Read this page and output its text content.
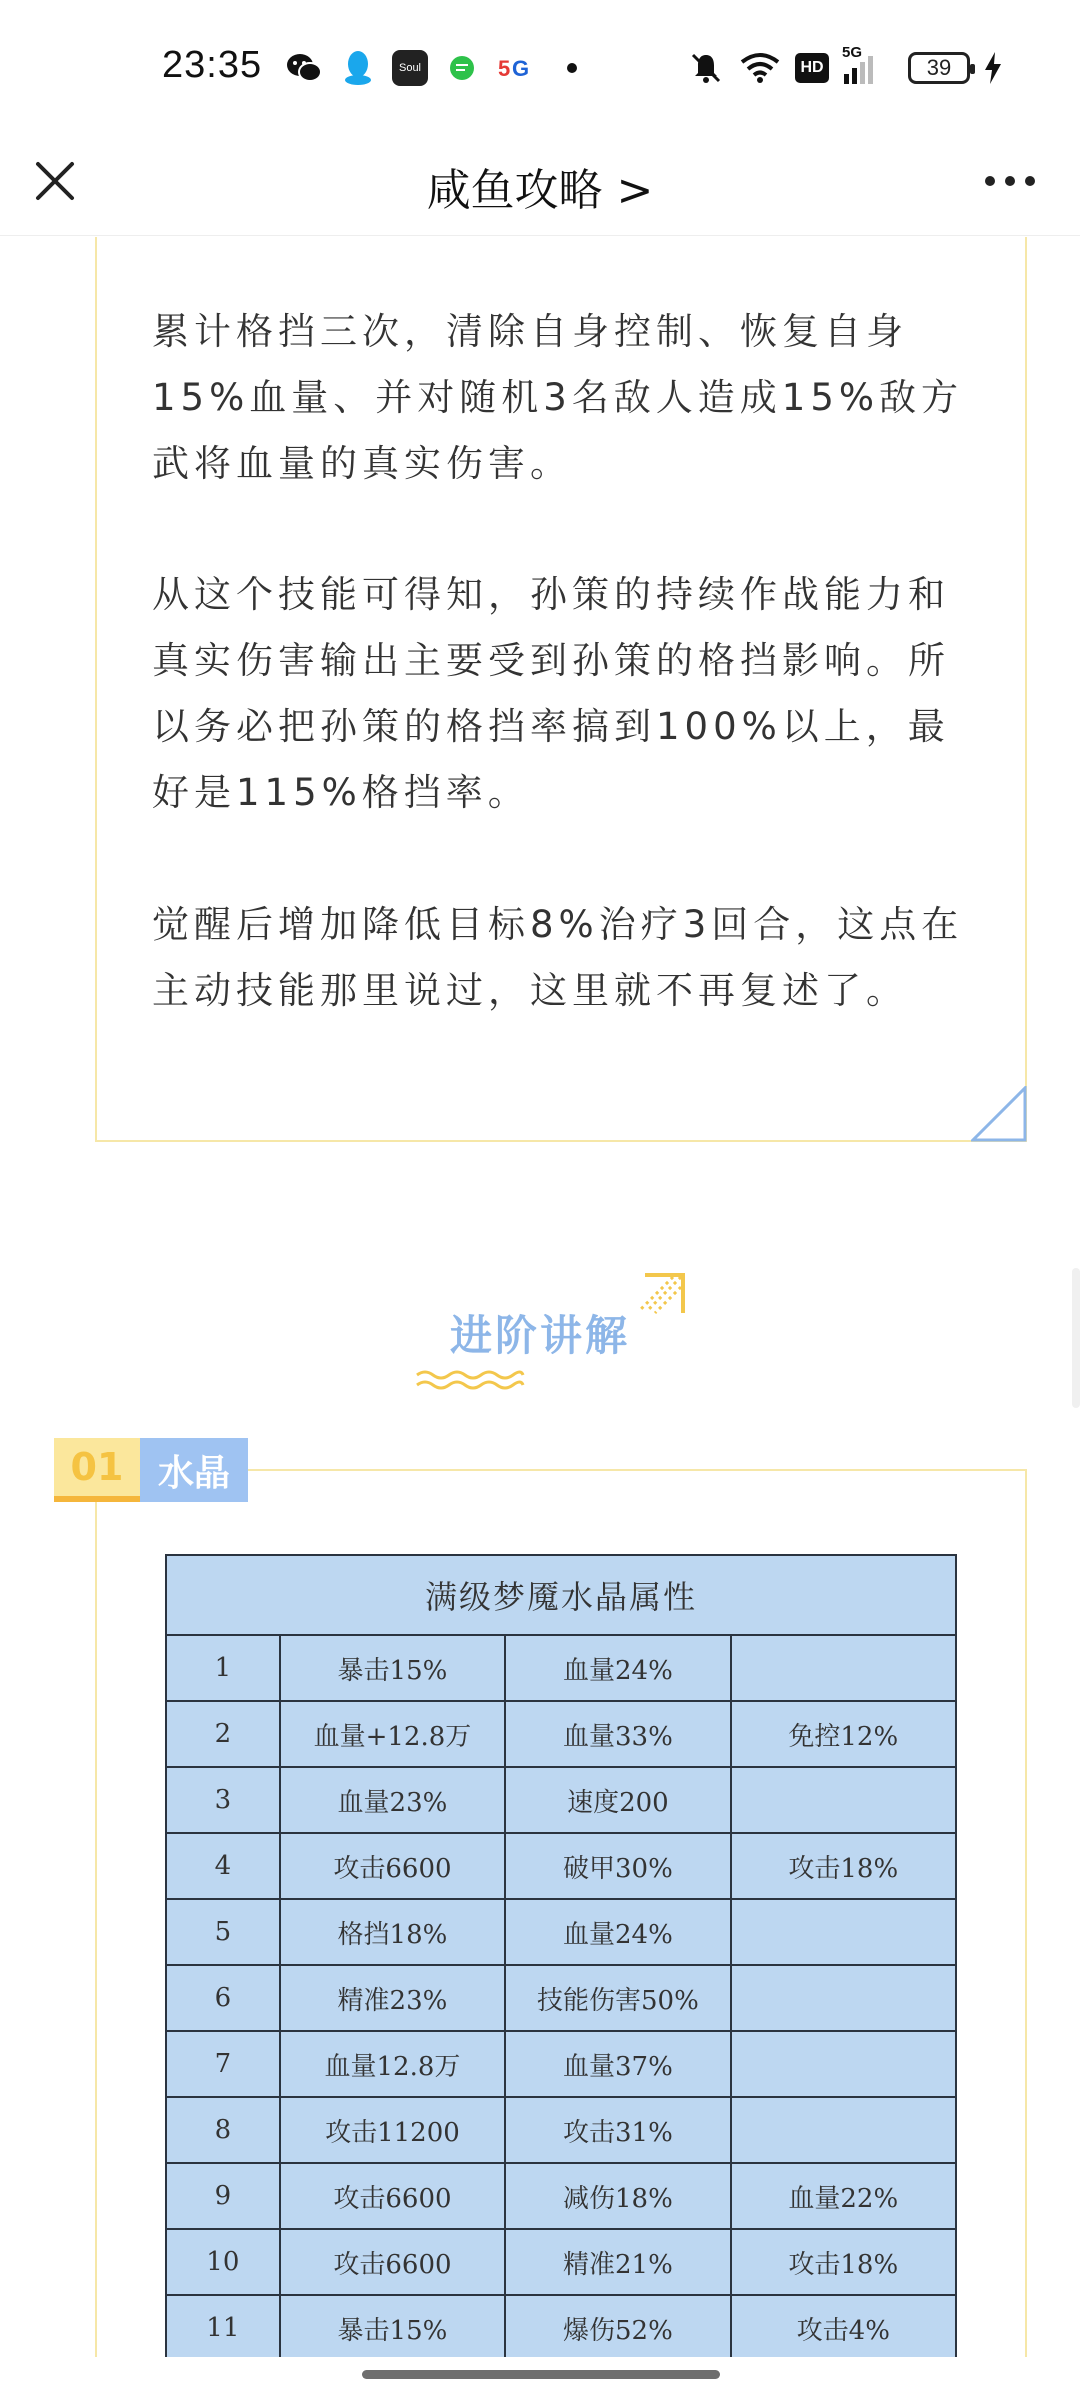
23:35	Soul	5 G	HD
5G
39
咸鱼攻略 >
累计格挡三次，清除自身控制、恢复自身15%血量、并对随机3名敌人造成15%敌方武将血量的真实伤害。
从这个技能可得知，孙策的持续作战能力和真实伤害输出主要受到孙策的格挡影响。所以务必把孙策的格挡率搞到100%以上，最好是115%格挡率。
觉醒后增加降低目标8%治疗3回合，这点在主动技能那里说过，这里就不再复述了。
进阶讲解
01 水晶
满级梦魇水晶属性			
1	暴击15%	血量24%	
2	血量+12.8万	血量33%	免控12%
3	血量23%	速度200	
4	攻击6600	破甲30%	攻击18%
5	格挡18%	血量24%	
6	精准23%	技能伤害50%	
7	血量12.8万	血量37%	
8	攻击11200	攻击31%	
9	攻击6600	减伤18%	血量22%
10	攻击6600	精准21%	攻击18%
11	暴击15%	爆伤52%	攻击4%
